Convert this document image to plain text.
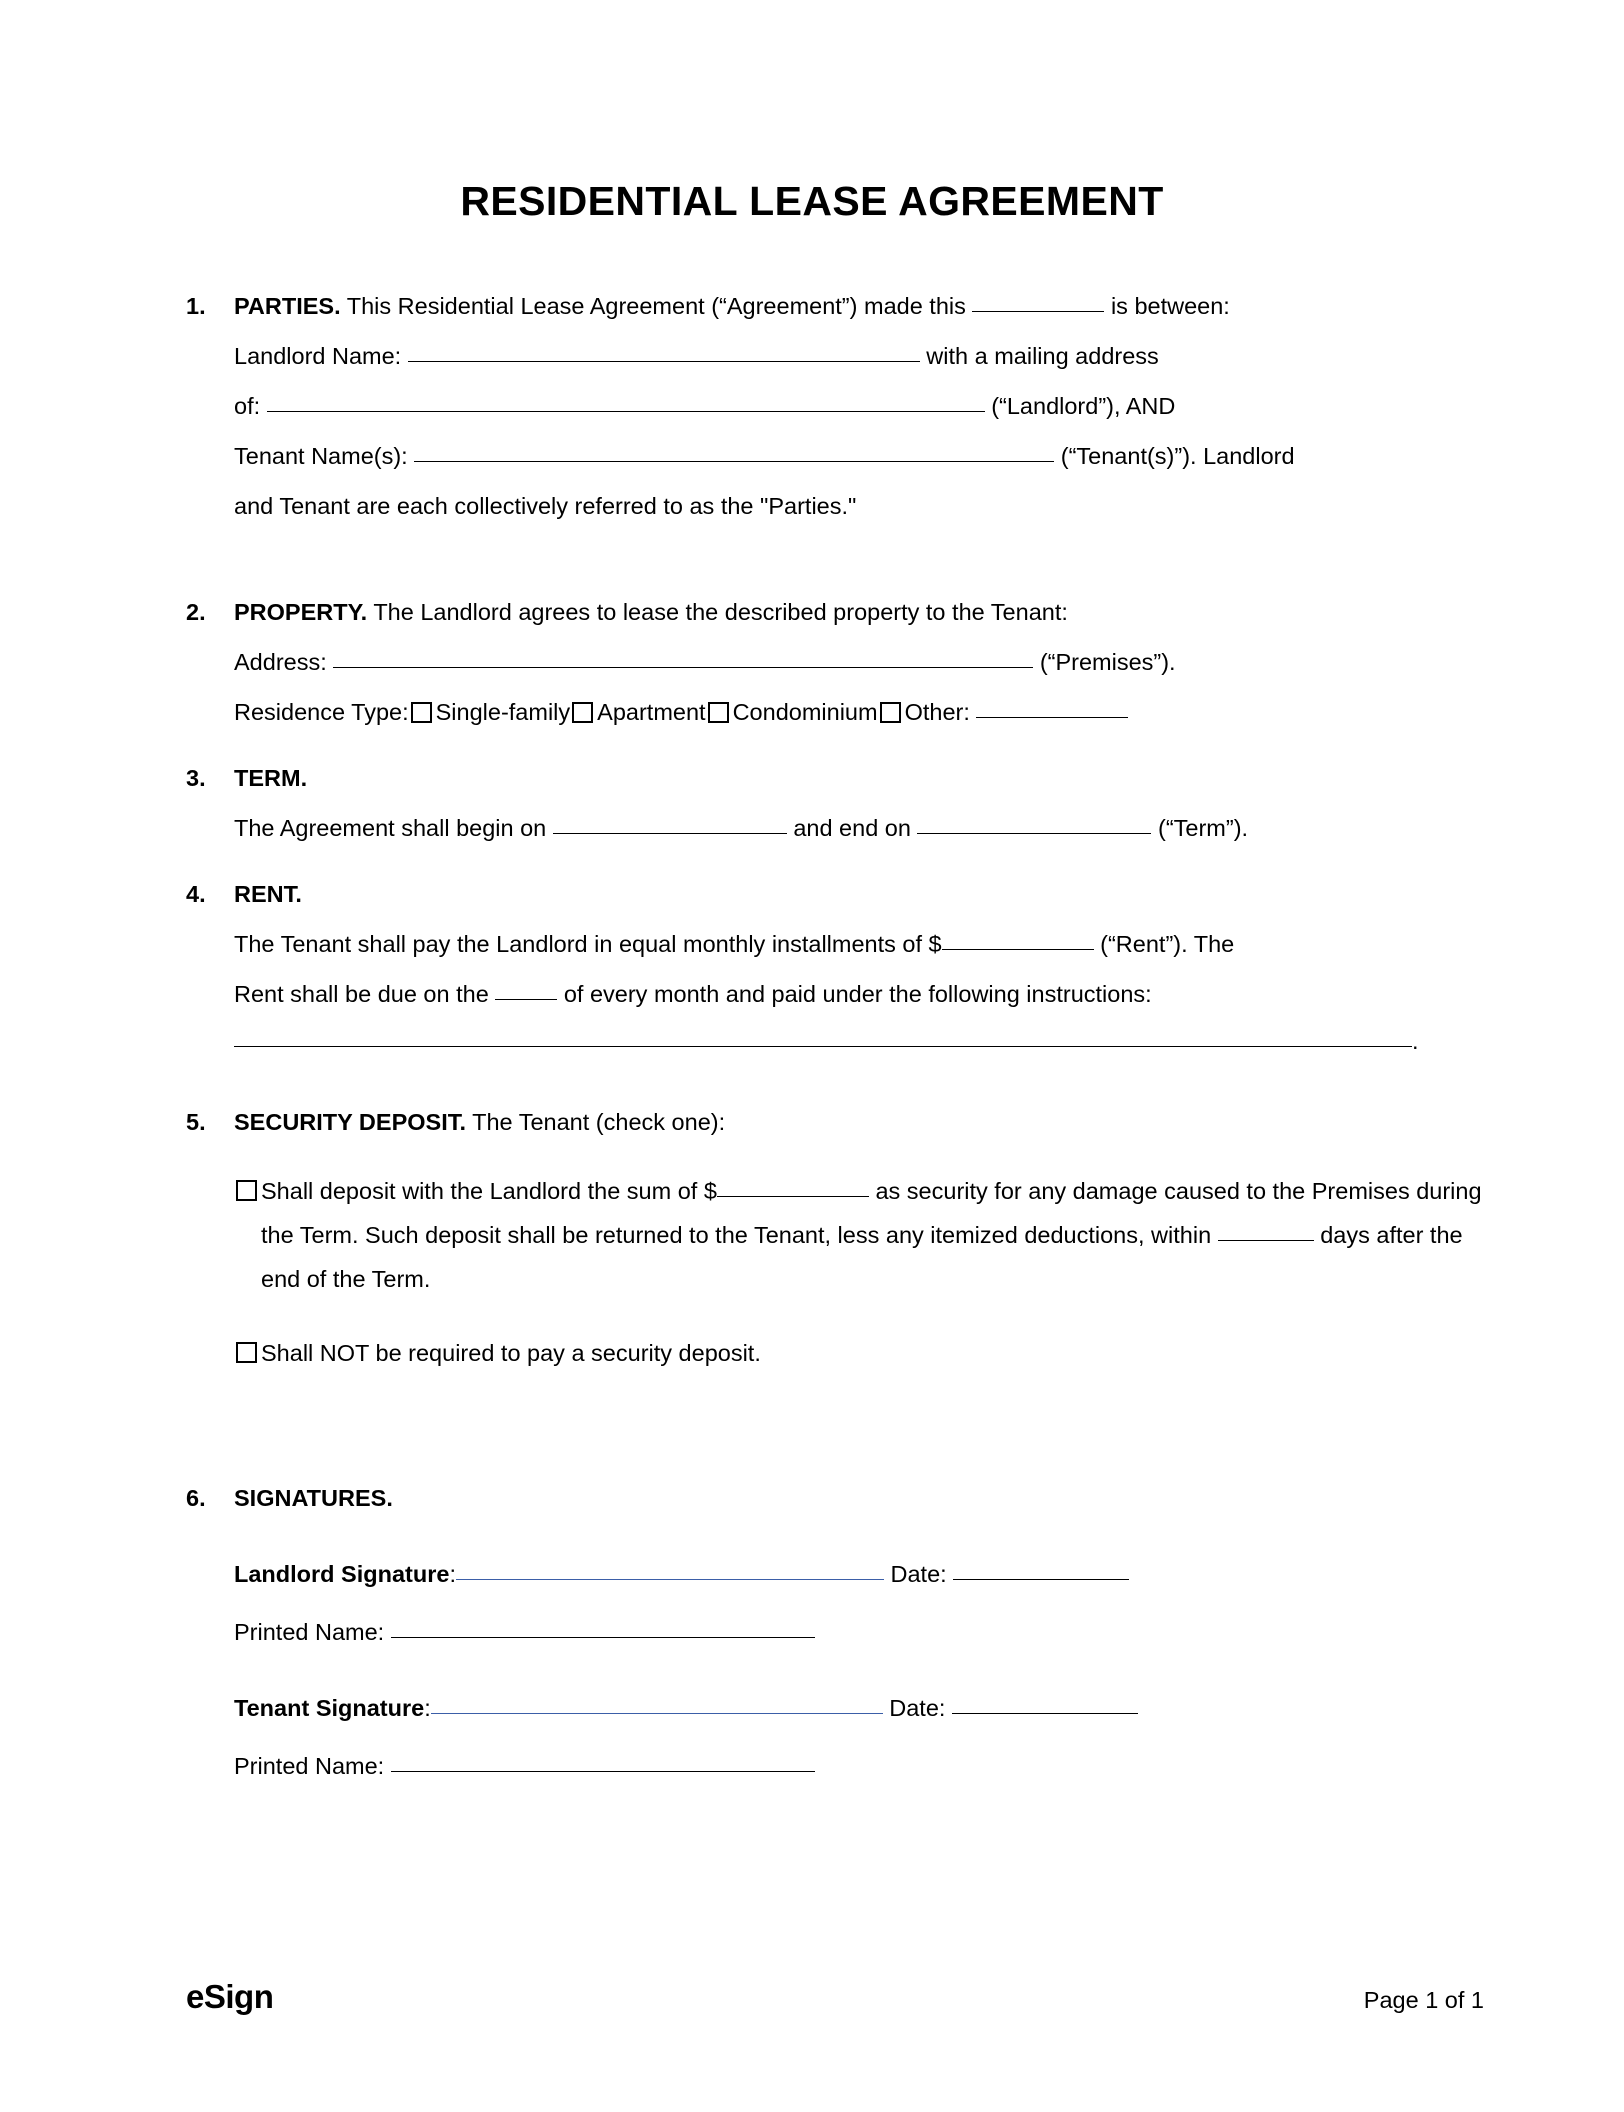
RESIDENTIAL LEASE AGREEMENT
1.	PARTIES. This Residential Lease Agreement (“Agreement”) made this	is between:
Landlord Name:	with a mailing address
of:	(“Landlord”), AND
Tenant Name(s):	(“Tenant(s)”). Landlord
and Tenant are each collectively referred to as the "Parties."
2.	PROPERTY. The Landlord agrees to lease the described property to the Tenant:
Address:	(“Premises”).
Residence Type: Single-family Apartment Condominium Other:
3.	TERM.
The Agreement shall begin on	and end on	(“Term”).
4.	RENT.
The Tenant shall pay the Landlord in equal monthly installments of $	(“Rent”). The
Rent shall be due on the	of every month and paid under the following instructions:
.
5.	SECURITY DEPOSIT. The Tenant (check one):
Shall deposit with the Landlord the sum of $	as security for any damage caused to the Premises during the Term. Such deposit shall be returned to the Tenant, less any itemized deductions, within	days after the end of the Term.
Shall NOT be required to pay a security deposit.
6.	SIGNATURES.
Landlord Signature:	Date:
Printed Name:
Tenant Signature:	Date:
Printed Name:
eSign	Page 1 of 1
